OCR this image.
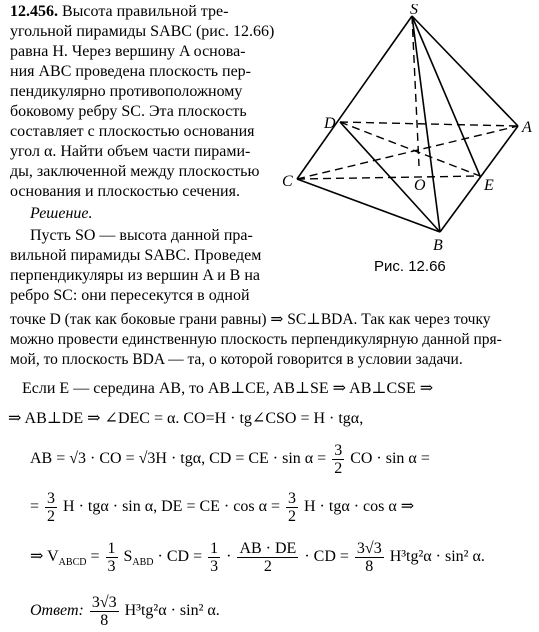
12.456. Высота правильной тре-
угольной пирамиды SABC (рис. 12.66)
равна H. Через вершину A основа-
ния ABC проведена плоскость пер-
пендикулярно противоположному
боковому ребру SC. Эта плоскость
составляет с плоскостью основания
угол α. Найти объем части пирами-
ды, заключенной между плоскостью
основания и плоскостью сечения.
Решение.
Пусть SO — высота данной пра-
вильной пирамиды SABC. Проведем
перпендикуляры из вершин A и B на
ребро SC: они пересекутся в одной
точке D (так как боковые грани равны) ⇒ SC⊥BDA. Так как через точку
можно провести единственную плоскость перпендикулярную данной пря-
мой, то плоскость BDA — та, о которой говорится в условии задачи.
S
D	A
C	O	E
B
Рис. 12.66
Если E — середина AB, то AB⊥CE, AB⊥SE ⇒ AB⊥CSE ⇒
⇒ AB⊥DE ⇒ ∠DEC = α. CO=H · tg∠CSO = H · tgα,
AB = √3 · CO = √3H · tgα, CD = CE · $\sin \alpha = \frac{3}{2}$ CO · sin α =
= $\frac{3}{2}$ H · tgα · sin α, DE = CE · $\cos \alpha = \frac{3}{2}$ H · tgα · cos α ⇒
⇒ $V_{ABCD} = \frac{1}{3} S_{ABD}$ · CD = $\frac{1}{3} \cdot \frac{AB \cdot DE}{2}$ · CD = $\frac{3√3}{8} H^3tg^2\alpha \cdot \sin^2$ α.
Ответ: $\frac{3√3}{8} H^3tg^2\alpha \cdot \sin^2$ α.
